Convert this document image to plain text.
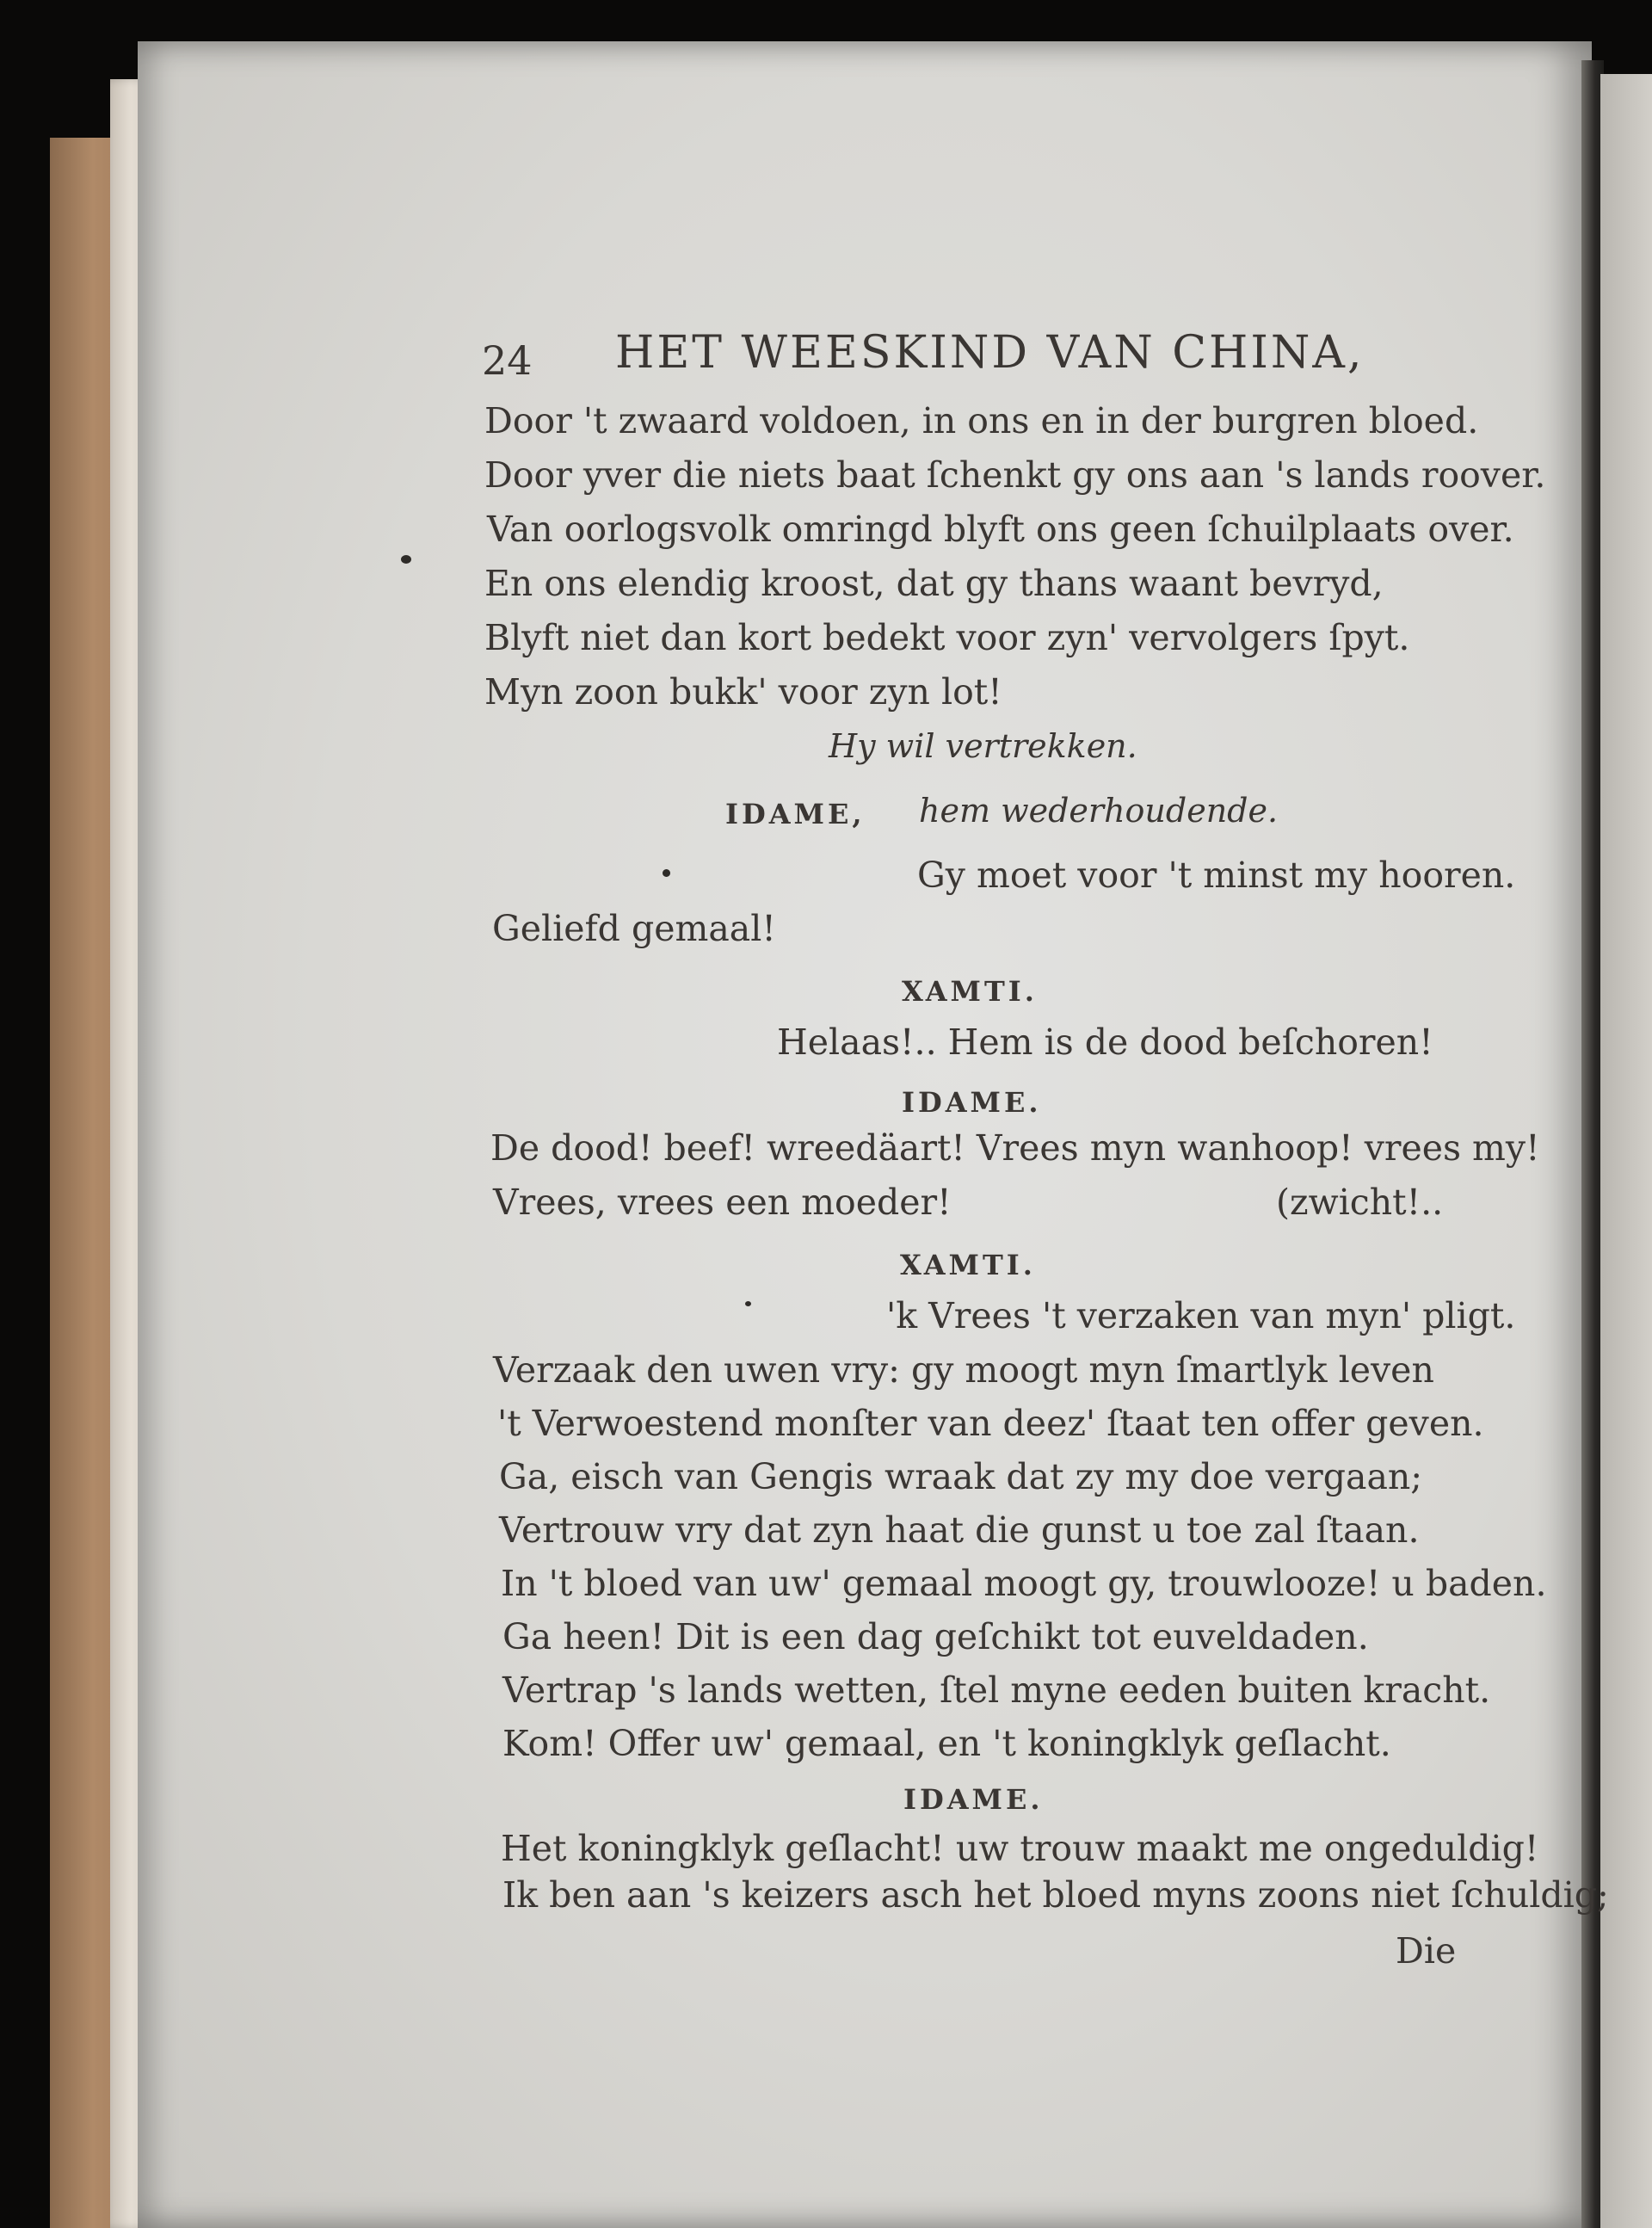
24 HET WEESKIND VAN CHINA,
Door 't zwaard voldoen, in ons en in der burgren bloed.
Door yver die niets baat ſchenkt gy ons aan 's lands roover.
Van oorlogsvolk omringd blyft ons geen ſchuilplaats over.
En ons elendig kroost, dat gy thans waant bevryd,
Blyft niet dan kort bedekt voor zyn' vervolgers ſpyt.
Myn zoon bukk' voor zyn lot!
Hy wil vertrekken.
IDAME, hem wederhoudende.
Gy moet voor 't minst my hooren.
Geliefd gemaal!
XAMTI.
Helaas!.. Hem is de dood beſchoren!
IDAME.
De dood! beef! wreedäart! Vrees myn wanhoop! vrees my!
Vrees, vrees een moeder!	(zwicht!..
XAMTI.
'k Vrees 't verzaken van myn' pligt.
Verzaak den uwen vry: gy moogt myn ſmartlyk leven
't Verwoestend monſter van deez' ſtaat ten offer geven.
Ga, eisch van Gengis wraak dat zy my doe vergaan;
Vertrouw vry dat zyn haat die gunst u toe zal ſtaan.
In 't bloed van uw' gemaal moogt gy, trouwlooze! u baden.
Ga heen! Dit is een dag geſchikt tot euveldaden.
Vertrap 's lands wetten, ſtel myne eeden buiten kracht.
Kom! Offer uw' gemaal, en 't koningklyk geſlacht.
IDAME.
Het koningklyk geſlacht! uw trouw maakt me ongeduldig!
Ik ben aan 's keizers asch het bloed myns zoons niet ſchuldig;
Die
